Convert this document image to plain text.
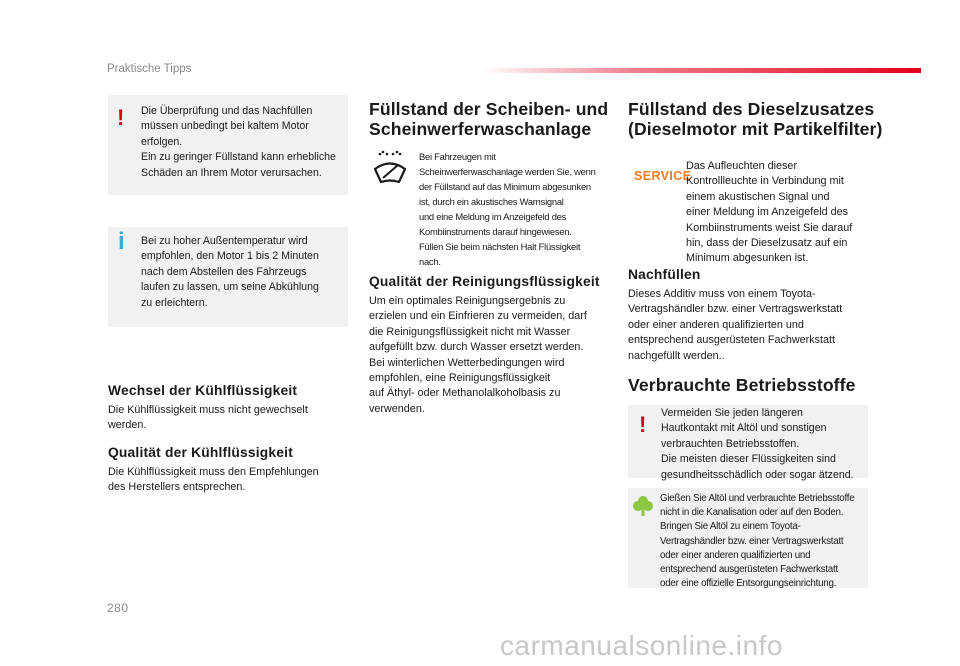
Praktische Tipps
! Die Überprüfung und das Nachfüllen
müssen unbedingt bei kaltem Motor
erfolgen.
Ein zu geringer Füllstand kann erhebliche
Schäden an Ihrem Motor verursachen.
i Bei zu hoher Außentemperatur wird
empfohlen, den Motor 1 bis 2 Minuten
nach dem Abstellen des Fahrzeugs
laufen zu lassen, um seine Abkühlung
zu erleichtern.
Wechsel der Kühlflüssigkeit
Die Kühlflüssigkeit muss nicht gewechselt
werden.
Qualität der Kühlflüssigkeit
Die Kühlflüssigkeit muss den Empfehlungen
des Herstellers entsprechen.
Füllstand der Scheiben- und
Scheinwerferwaschanlage
Bei Fahrzeugen mit
Scheinwerferwaschanlage werden Sie, wenn
der Füllstand auf das Minimum abgesunken
ist, durch ein akustisches Warnsignal
und eine Meldung im Anzeigefeld des
Kombiinstruments darauf hingewiesen.
Füllen Sie beim nächsten Halt Flüssigkeit
nach.
Qualität der Reinigungsflüssigkeit
Um ein optimales Reinigungsergebnis zu
erzielen und ein Einfrieren zu vermeiden, darf
die Reinigungsflüssigkeit nicht mit Wasser
aufgefüllt bzw. durch Wasser ersetzt werden.
Bei winterlichen Wetterbedingungen wird
empfohlen, eine Reinigungsflüssigkeit
auf Äthyl- oder Methanolalkoholbasis zu
verwenden.
Füllstand des Dieselzusatzes
(Dieselmotor mit Partikelfilter)
SERVICE
Das Aufleuchten dieser
Kontrollleuchte in Verbindung mit
einem akustischen Signal und
einer Meldung im Anzeigefeld des
Kombiinstruments weist Sie darauf
hin, dass der Dieselzusatz auf ein
Minimum abgesunken ist.
Nachfüllen
Dieses Additiv muss von einem Toyota-
Vertragshändler bzw. einer Vertragswerkstatt
oder einer anderen qualifizierten und
entsprechend ausgerüsteten Fachwerkstatt
nachgefüllt werden..
Verbrauchte Betriebsstoffe
! Vermeiden Sie jeden längeren
Hautkontakt mit Altöl und sonstigen
verbrauchten Betriebsstoffen.
Die meisten dieser Flüssigkeiten sind
gesundheitsschädlich oder sogar ätzend.
Gießen Sie Altöl und verbrauchte Betriebsstoffe
nicht in die Kanalisation oder auf den Boden.
Bringen Sie Altöl zu einem Toyota-
Vertragshändler bzw. einer Vertragswerkstatt
oder einer anderen qualifizierten und
entsprechend ausgerüsteten Fachwerkstatt
oder eine offizielle Entsorgungseinrichtung.
280
carmanualsonline.info
